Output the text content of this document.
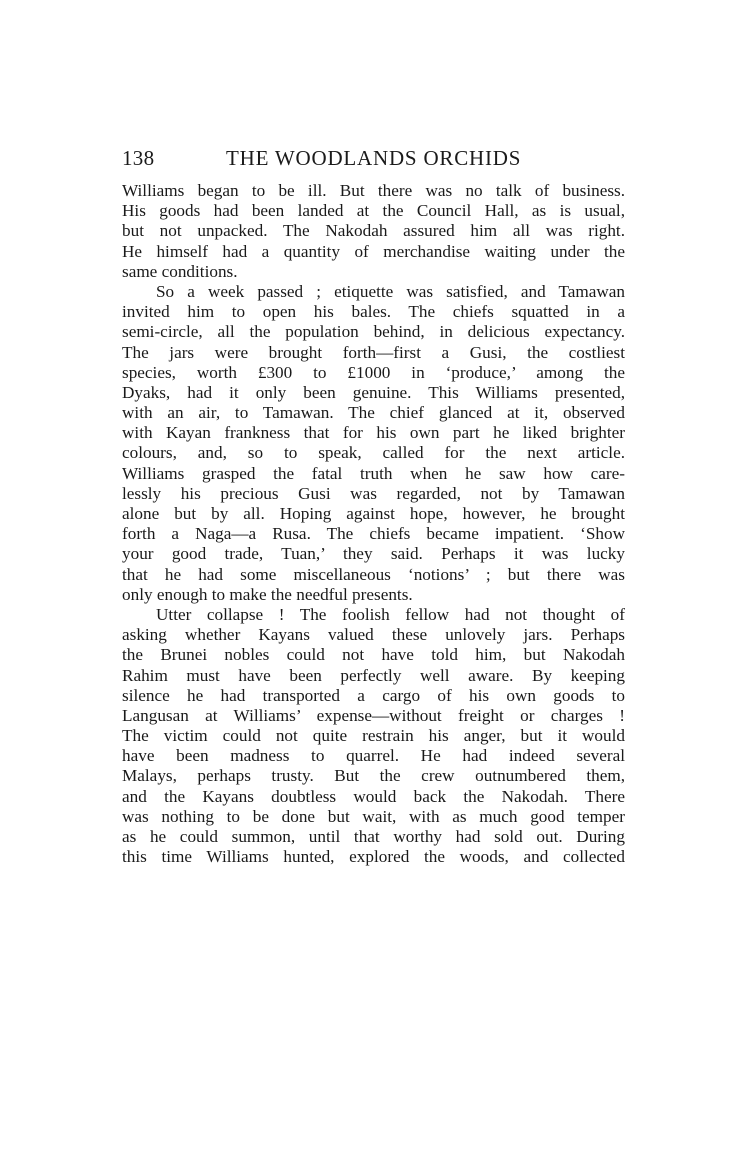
138	THE WOODLANDS ORCHIDS
Williams began to be ill. But there was no talk of business.
His goods had been landed at the Council Hall, as is usual,
but not unpacked. The Nakodah assured him all was right.
He himself had a quantity of merchandise waiting under the
same conditions.
So a week passed ; etiquette was satisfied, and Tamawan
invited him to open his bales. The chiefs squatted in a
semi-circle, all the population behind, in delicious expectancy.
The jars were brought forth—first a Gusi, the costliest
species, worth £300 to £1000 in ‘produce,’ among the
Dyaks, had it only been genuine. This Williams presented,
with an air, to Tamawan. The chief glanced at it, observed
with Kayan frankness that for his own part he liked brighter
colours, and, so to speak, called for the next article.
Williams grasped the fatal truth when he saw how care-
lessly his precious Gusi was regarded, not by Tamawan
alone but by all. Hoping against hope, however, he brought
forth a Naga—a Rusa. The chiefs became impatient. ‘Show
your good trade, Tuan,’ they said. Perhaps it was lucky
that he had some miscellaneous ‘notions’ ; but there was
only enough to make the needful presents.
Utter collapse ! The foolish fellow had not thought of
asking whether Kayans valued these unlovely jars. Perhaps
the Brunei nobles could not have told him, but Nakodah
Rahim must have been perfectly well aware. By keeping
silence he had transported a cargo of his own goods to
Langusan at Williams’ expense—without freight or charges !
The victim could not quite restrain his anger, but it would
have been madness to quarrel. He had indeed several
Malays, perhaps trusty. But the crew outnumbered them,
and the Kayans doubtless would back the Nakodah. There
was nothing to be done but wait, with as much good temper
as he could summon, until that worthy had sold out. During
this time Williams hunted, explored the woods, and collected
